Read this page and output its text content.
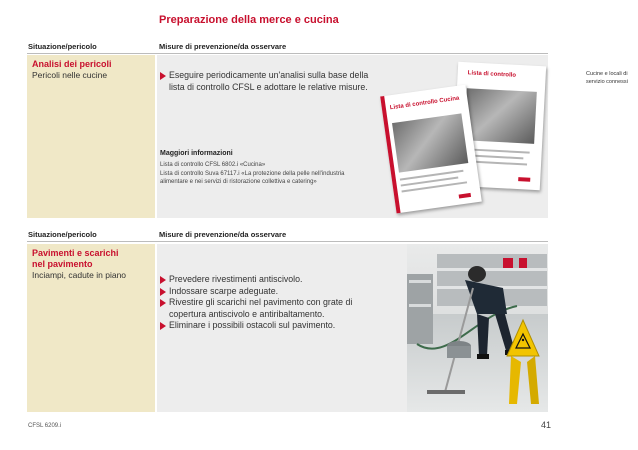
Preparazione della merce e cucina
Situazione/pericolo	Misure di prevenzione/da osservare
Analisi dei pericoli
Pericoli nelle cucine	Eseguire periodicamente un'analisi sulla base della lista di controllo CFSL e adottare le relative misure.
Lista di controllo
Lista di controllo Cucina
Maggiori informazioni
Lista di controllo CFSL 6802.i «Cucina»
Lista di controllo Suva 67117.i «La protezione della pelle nell'industria
alimentare e nei servizi di ristorazione collettiva e catering»
Situazione/pericolo	Misure di prevenzione/da osservare
Pavimenti e scarichi nel pavimento
Inciampi, cadute in piano	Prevedere rivestimenti antiscivolo.
Indossare scarpe adeguate.
Rivestire gli scarichi nel pavimento con grate di copertura antiscivolo e antiribaltamento.
Eliminare i possibili ostacoli sul pavimento.
Cucine e locali di servizio connessi
CFSL 6209.i	41
